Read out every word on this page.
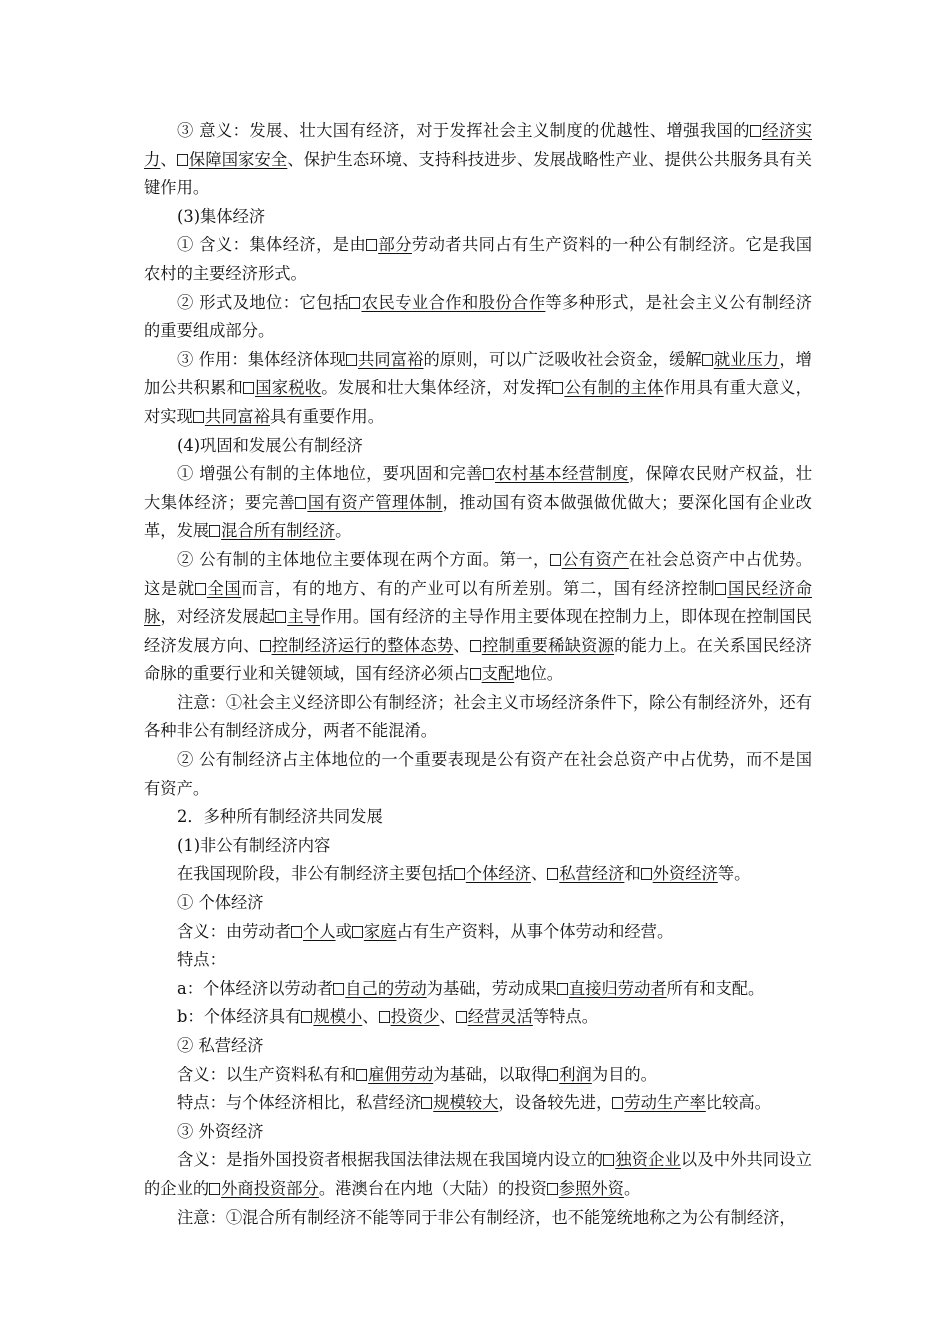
③ 意义：发展、壮大国有经济，对于发挥社会主义制度的优越性、增强我国的 经济实力、 保障国家安全、保护生态环境、支持科技进步、发展战略性产业、提供公共服务具有关键作用。

(3)集体经济

① 含义：集体经济，是由 部分劳动者共同占有生产资料的一种公有制经济。它是我国农村的主要经济形式。

② 形式及地位：它包括 农民专业合作和股份合作等多种形式，是社会主义公有制经济的重要组成部分。

③ 作用：集体经济体现 共同富裕的原则，可以广泛吸收社会资金，缓解 就业压力，增加公共积累和 国家税收。发展和壮大集体经济，对发挥 公有制的主体作用具有重大意义，对实现 共同富裕具有重要作用。

(4)巩固和发展公有制经济

① 增强公有制的主体地位，要巩固和完善 农村基本经营制度，保障农民财产权益，壮大集体经济；要完善 国有资产管理体制，推动国有资本做强做优做大；要深化国有企业改革，发展 混合所有制经济。

② 公有制的主体地位主要体现在两个方面。第一， 公有资产在社会总资产中占优势。这是就 全国而言，有的地方、有的产业可以有所差别。第二，国有经济控制 国民经济命脉，对经济发展起 主导作用。国有经济的主导作用主要体现在控制力上，即体现在控制国民经济发展方向、 控制经济运行的整体态势、 控制重要稀缺资源的能力上。在关系国民经济命脉的重要行业和关键领域，国有经济必须占 支配地位。

注意：①社会主义经济即公有制经济；社会主义市场经济条件下，除公有制经济外，还有各种非公有制经济成分，两者不能混淆。

② 公有制经济占主体地位的一个重要表现是公有资产在社会总资产中占优势，而不是国有资产。

2．多种所有制经济共同发展

(1)非公有制经济内容

在我国现阶段，非公有制经济主要包括 个体经济、 私营经济和 外资经济等。

① 个体经济

含义：由劳动者 个人或 家庭占有生产资料，从事个体劳动和经营。

特点：

a：个体经济以劳动者 自己的劳动为基础，劳动成果 直接归劳动者所有和支配。

b：个体经济具有 规模小、 投资少、 经营灵活等特点。

② 私营经济

含义：以生产资料私有和 雇佣劳动为基础，以取得 利润为目的。

特点：与个体经济相比，私营经济 规模较大，设备较先进， 劳动生产率比较高。

③ 外资经济

含义：是指外国投资者根据我国法律法规在我国境内设立的 独资企业以及中外共同设立的企业的 外商投资部分。港澳台在内地（大陆）的投资 参照外资。

注意：①混合所有制经济不能等同于非公有制经济，也不能笼统地称之为公有制经济，
